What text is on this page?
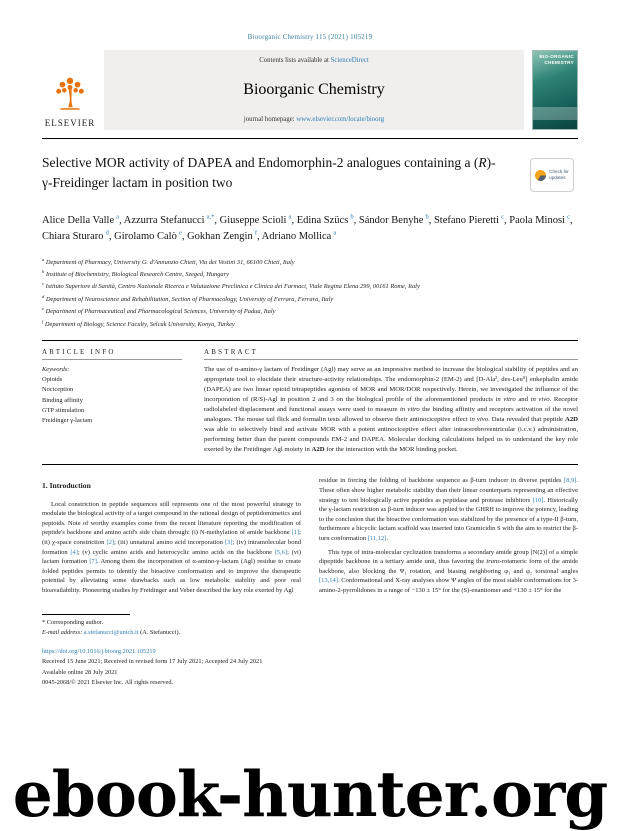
Bioorganic Chemistry 115 (2021) 105219
ELSEVIER
Contents lists available at ScienceDirect
Bioorganic Chemistry
journal homepage: www.elsevier.com/locate/bioorg
BIO-ORGANIC CHEMISTRY
Selective MOR activity of DAPEA and Endomorphin-2 analogues containing a (R)-γ-Freidinger lactam in position two
Check for
updates
Alice Della Valle $^a$, Azzurra Stefanucci $^{a,*}$, Giuseppe Scioli $^a$, Edina Szücs $^b$, Sándor Benyhe $^b$, Stefano Pieretti $^c$, Paola Minosi $^c$, Chiara Sturaro $^d$, Girolamo Calò $^e$, Gokhan Zengin $^f$, Adriano Mollica $^a$
$^a$ Department of Pharmacy, University G. d'Annunzio Chieti, Via dei Vestini 31, 66100 Chieti, Italy
$^b$ Institute of Biochemistry, Biological Research Centre, Szeged, Hungary
$^c$ Istituto Superiore di Sanità, Centro Nazionale Ricerca e Valutazione Preclinica e Clinica dei Farmaci, Viale Regina Elena 299, 00161 Rome, Italy
$^d$ Department of Neuroscience and Rehabilitation, Section of Pharmacology, University of Ferrara, Ferrara, Italy
$^e$ Department of Pharmaceutical and Pharmacological Sciences, University of Padua, Italy
$^f$ Department of Biology, Science Faculty, Selcuk University, Konya, Turkey
ARTICLE INFO
Keywords:
Opioids
Nociception
Binding affinity
GTP stimulation
Freidinger γ-lactam
ABSTRACT
The use of α-amino-γ lactam of Freidinger (Agl) may serve as an impressive method to increase the biological stability of peptides and an appropriate tool to elucidate their structure-activity relationships. The endomorphin-2 (EM-2) and [D-Ala², des-Leu⁵] enkephalin amide (DAPEA) are two linear opioid tetrapeptides agonists of MOR and MOR/DOR respectively. Herein, we investigated the influence of the incorporation of (R/S)-Agl in position 2 and 3 on the biological profile of the aforementioned products in vitro and in vivo. Receptor radiolabeled displacement and functional assays were used to measure in vitro the binding affinity and receptors activation of the novel analogues. The mouse tail flick and formalin tests allowed to observe their antinociceptive effect in vivo. Data revealed that peptide A2D was able to selectively bind and activate MOR with a potent antinociceptive effect after intracerebroventricular (i.c.v.) administration, performing better than the parent compounds EM-2 and DAPEA. Molecular docking calculations helped us to understand the key role exerted by the Freidinger Agl moiety in A2D for the interaction with the MOR binding pocket.
1. Introduction

Local constriction in peptide sequences still represents one of the most powerful strategy to modulate the biological activity of a target compound in the rational design of peptidomimetics and peptoids. Note of worthy examples come from the recent literature reporting the modification of peptide's backbone and amino acid's side chain through: (i) N-methylation of amide backbone [1]; (ii) χ-space constriction [2]; (iii) unnatural amino acid incorporation [3]; (iv) intramolecular bond formation [4]; (v) cyclic amino acids and heterocyclic amino acids on the backbone [5,6]; (vi) lactam formation [7]. Among them the incorporation of α-amino-γ-lactam (Agl) residue to create folded peptides permits to identify the bioactive conformation and to improve the therapeutic potential by alleviating some drawbacks such as low metabolic stability and poor oral bioavailability. Pioneering studies by Freidinger and Veber described the key role exerted by Agl

residue in forcing the folding of backbone sequence as β-turn inducer in diverse peptides [8,9]. These often show higher metabolic stability than their linear counterparts representing an effective strategy to test biologically active peptides as peptidase and protease inhibitors [10]. Historically the γ-lactam restriction as β-turn inducer was applied to the GHRH to improve the potency, leading to the conclusion that the bioactive conformation was stabilized by the presence of a type-II β-turn, furthermore a bicyclic lactam scaffold was inserted into Gramicidin S with the aim to restrict the β-turn conformation [11,12].

This type of intra-molecular cyclization transforms a secondary amide group [N(2)] of a simple dipeptide backbone in a tertiary amide unit, thus favoring the trans-rotameric form of the amide backbone, also blocking the Ψ₁ rotation, and biasing neighboring φ₁ and φ₂ torsional angles [13,14]. Conformational and X-ray analyses show Ψ angles of the most stable conformations for 3-amino-2-pyrrolidones in a range of −130 ± 15° for the (S)-enantiomer and +130 ± 15° for the

* Corresponding author.
E-mail address: a.stefanucci@unich.it (A. Stefanucci).
https://doi.org/10.1016/j.bioorg.2021.105219
Received 15 June 2021; Received in revised form 17 July 2021; Accepted 24 July 2021
Available online 28 July 2021
0045-2068/© 2021 Elsevier Inc. All rights reserved.
ebook-hunter.org
